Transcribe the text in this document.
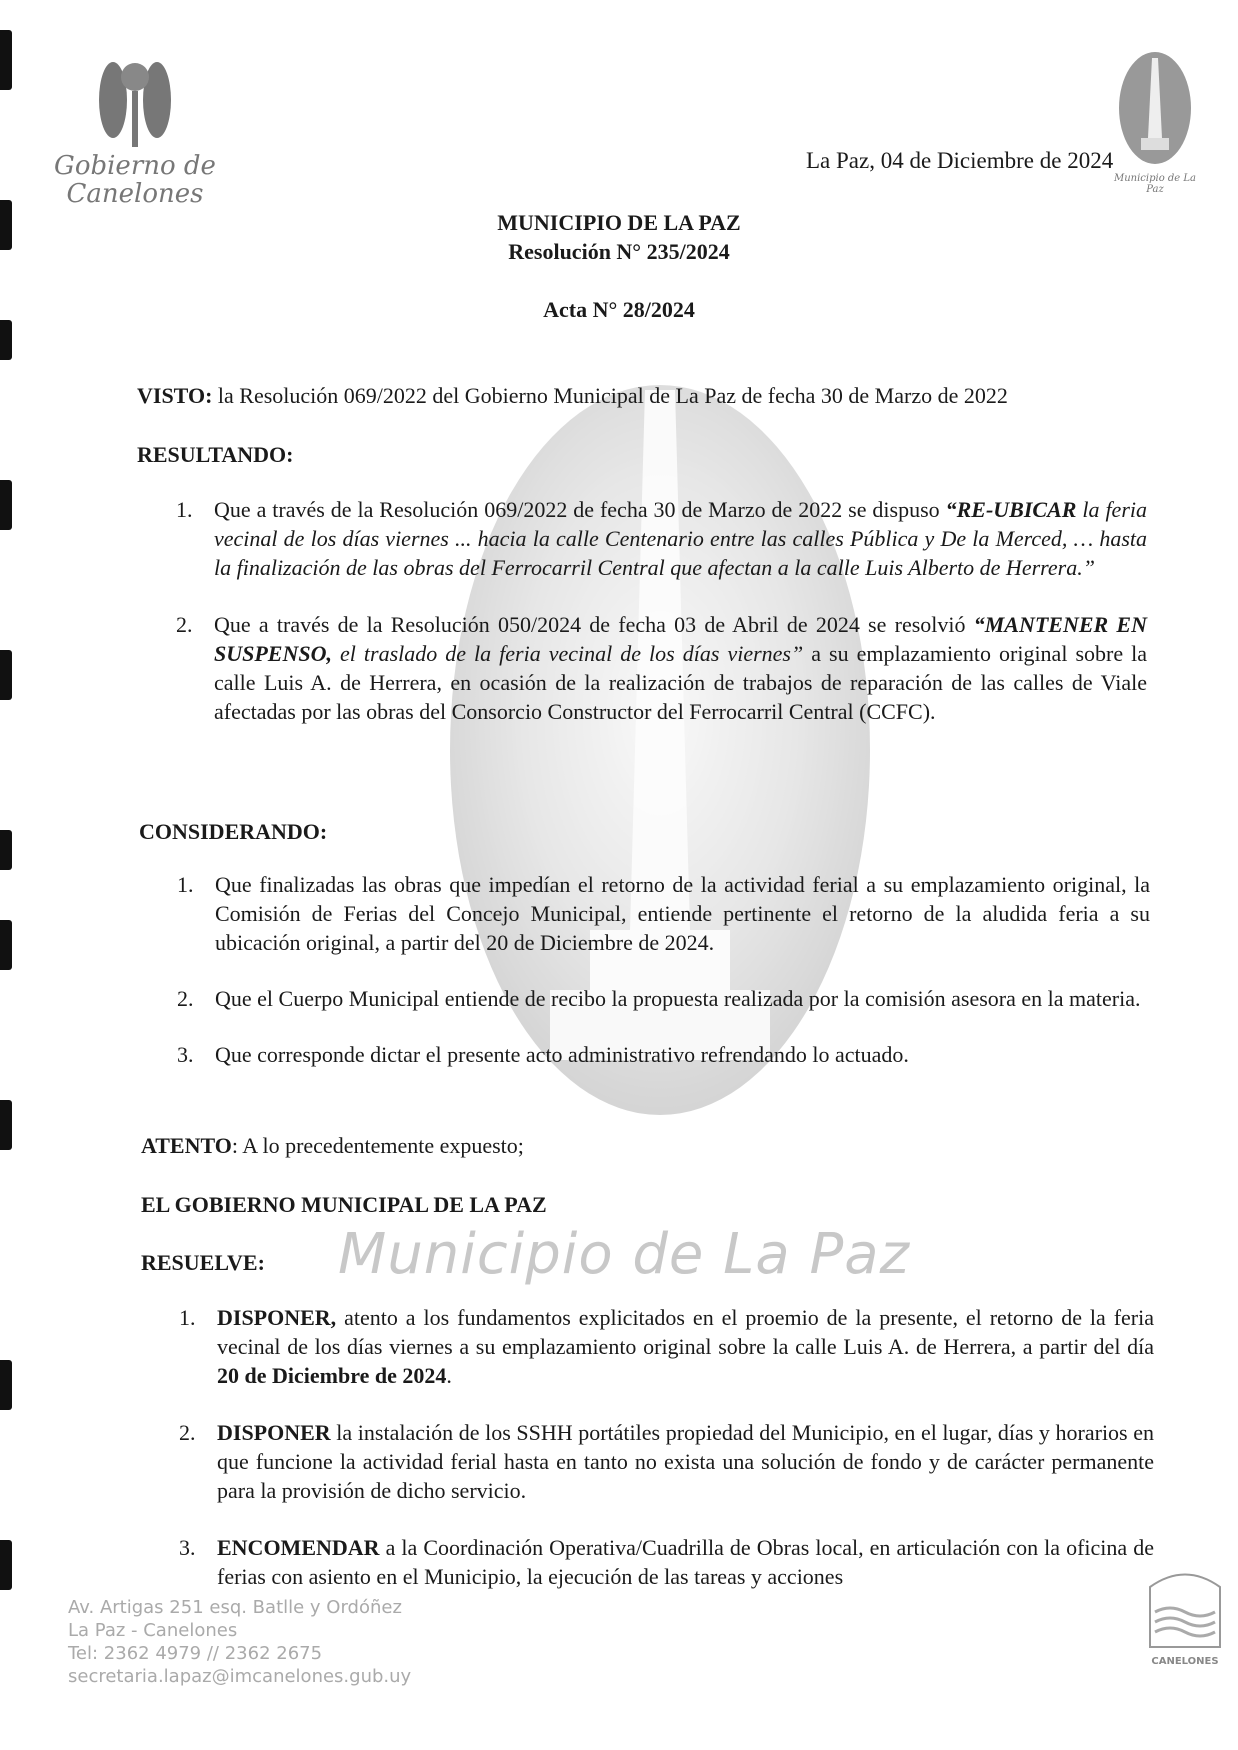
Gobierno de
Canelones
Municipio de La Paz
La Paz, 04 de Diciembre de 2024
MUNICIPIO DE LA PAZ
Resolución N° 235/2024
Acta N° 28/2024
VISTO: la Resolución 069/2022 del Gobierno Municipal de La Paz de fecha 30 de Marzo de 2022
RESULTANDO:
1. Que a través de la Resolución 069/2022 de fecha 30 de Marzo de 2022 se dispuso “RE-UBICAR la feria vecinal de los días viernes ... hacia la calle Centenario entre las calles Pública y De la Merced, … hasta la finalización de las obras del Ferrocarril Central que afectan a la calle Luis Alberto de Herrera.”
2. Que a través de la Resolución 050/2024 de fecha 03 de Abril de 2024 se resolvió “MANTENER EN SUSPENSO, el traslado de la feria vecinal de los días viernes” a su emplazamiento original sobre la calle Luis A. de Herrera, en ocasión de la realización de trabajos de reparación de las calles de Viale afectadas por las obras del Consorcio Constructor del Ferrocarril Central (CCFC).
CONSIDERANDO:
1. Que finalizadas las obras que impedían el retorno de la actividad ferial a su emplazamiento original, la Comisión de Ferias del Concejo Municipal, entiende pertinente el retorno de la aludida feria a su ubicación original, a partir del 20 de Diciembre de 2024.
2. Que el Cuerpo Municipal entiende de recibo la propuesta realizada por la comisión asesora en la materia.
3. Que corresponde dictar el presente acto administrativo refrendando lo actuado.
ATENTO: A lo precedentemente expuesto;
EL GOBIERNO MUNICIPAL DE LA PAZ
RESUELVE: Municipio de La Paz
1. DISPONER, atento a los fundamentos explicitados en el proemio de la presente, el retorno de la feria vecinal de los días viernes a su emplazamiento original sobre la calle Luis A. de Herrera, a partir del día 20 de Diciembre de 2024.
2. DISPONER la instalación de los SSHH portátiles propiedad del Municipio, en el lugar, días y horarios en que funcione la actividad ferial hasta en tanto no exista una solución de fondo y de carácter permanente para la provisión de dicho servicio.
3. ENCOMENDAR a la Coordinación Operativa/Cuadrilla de Obras local, en articulación con la oficina de ferias con asiento en el Municipio, la ejecución de las tareas y acciones
Av. Artigas 251 esq. Batlle y Ordóñez
La Paz - Canelones
Tel: 2362 4979 // 2362 2675
secretaria.lapaz@imcanelones.gub.uy
CANELONES
